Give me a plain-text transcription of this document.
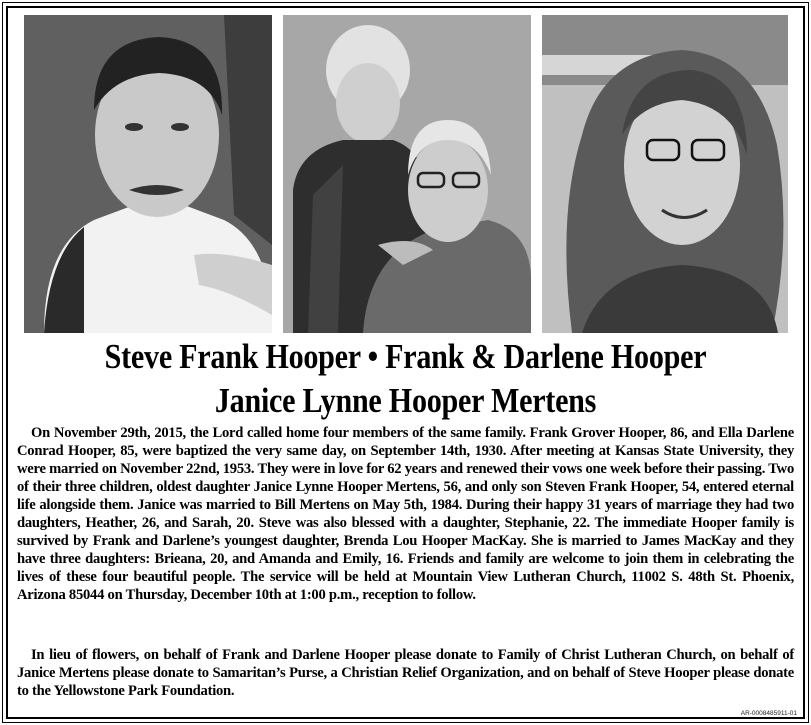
Steve Frank Hooper • Frank & Darlene Hooper
Janice Lynne Hooper Mertens

On November 29th, 2015, the Lord called home four members of the same family. Frank Grover Hooper, 86, and Ella Darlene Conrad Hooper, 85, were baptized the very same day, on September 14th, 1930. After meeting at Kansas State University, they were married on November 22nd, 1953. They were in love for 62 years and renewed their vows one week before their passing. Two of their three children, oldest daughter Janice Lynne Hooper Mertens, 56, and only son Steven Frank Hooper, 54, entered eternal life alongside them. Janice was married to Bill Mertens on May 5th, 1984. During their happy 31 years of marriage they had two daughters, Heather, 26, and Sarah, 20. Steve was also blessed with a daughter, Stephanie, 22. The immediate Hooper family is survived by Frank and Darlene’s youngest daughter, Brenda Lou Hooper MacKay. She is married to James MacKay and they have three daughters: Brieana, 20, and Amanda and Emily, 16. Friends and family are welcome to join them in celebrating the lives of these four beautiful people. The service will be held at Mountain View Lutheran Church, 11002 S. 48th St. Phoenix, Arizona 85044 on Thursday, December 10th at 1:00 p.m., reception to follow.

In lieu of flowers, on behalf of Frank and Darlene Hooper please donate to Family of Christ Lutheran Church, on behalf of Janice Mertens please donate to Samaritan’s Purse, a Christian Relief Organization, and on behalf of Steve Hooper please donate to the Yellowstone Park Foundation.

AR-0008485911-01
